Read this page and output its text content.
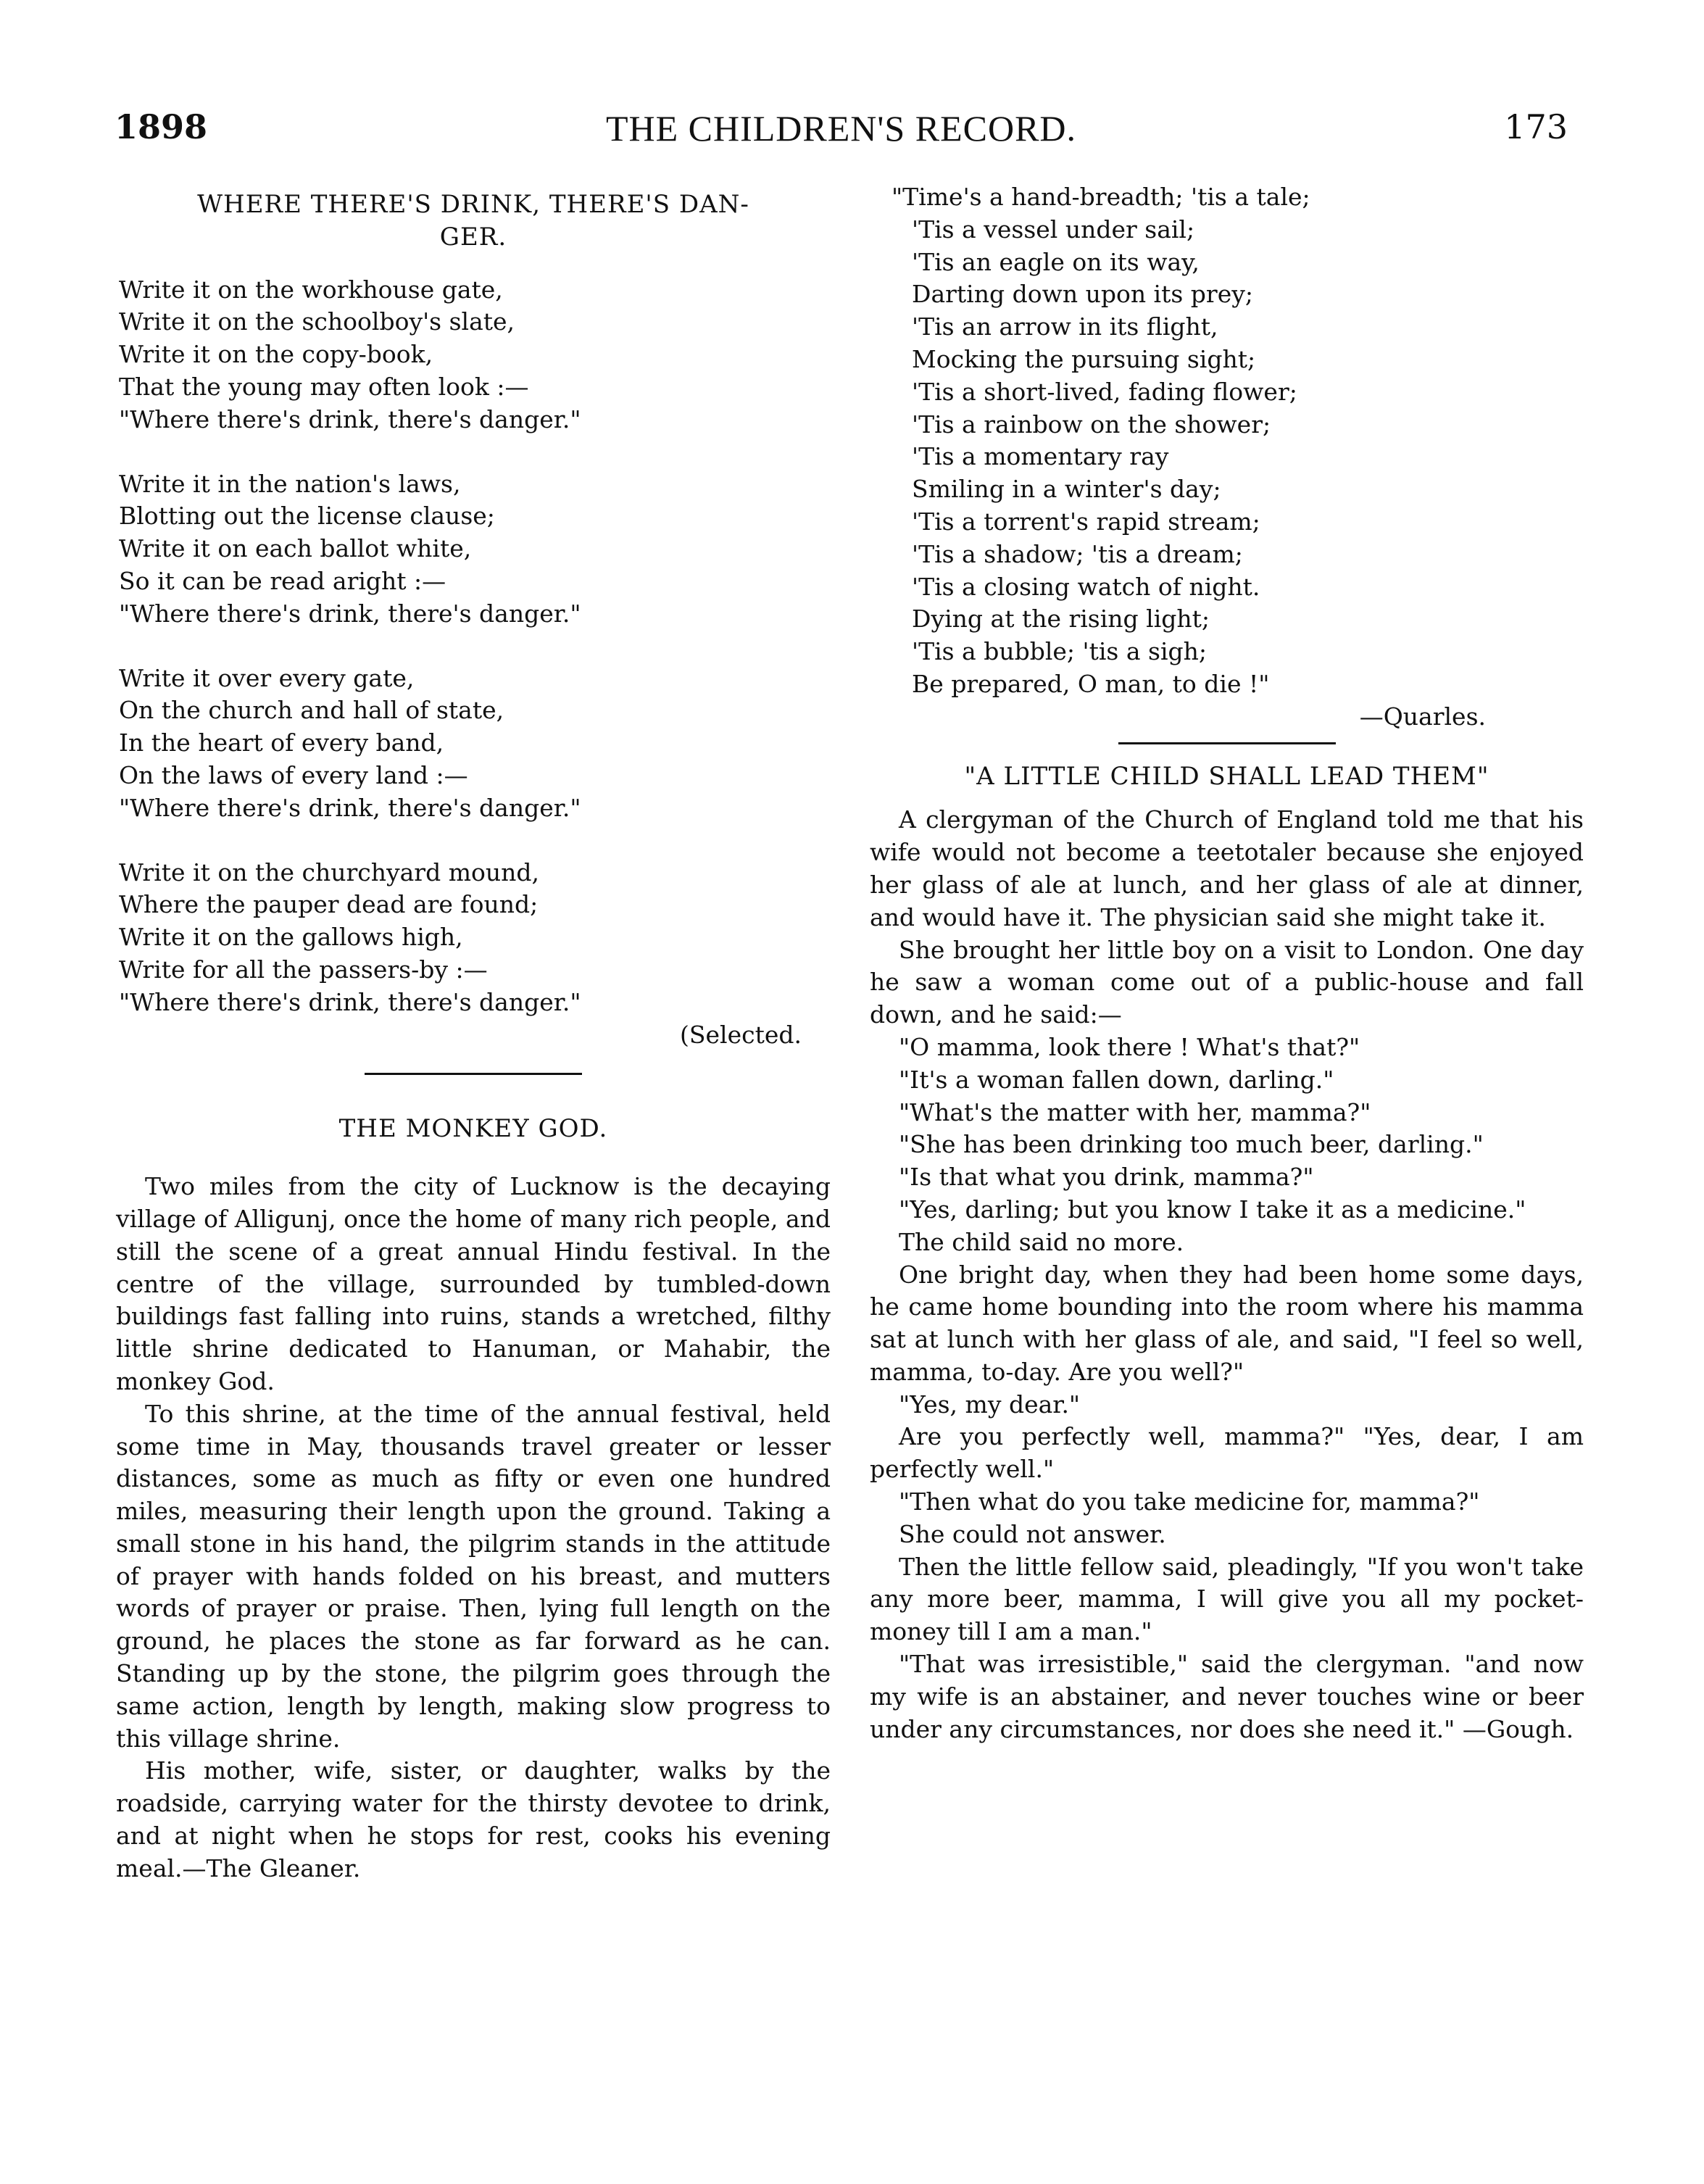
1898	THE CHILDREN'S RECORD.	173
WHERE THERE'S DRINK, THERE'S DAN-
GER.
Write it on the workhouse gate,
Write it on the schoolboy's slate,
Write it on the copy-book,
That the young may often look :—
"Where there's drink, there's danger."
Write it in the nation's laws,
Blotting out the license clause;
Write it on each ballot white,
So it can be read aright :—
"Where there's drink, there's danger."
Write it over every gate,
On the church and hall of state,
In the heart of every band,
On the laws of every land :—
"Where there's drink, there's danger."
Write it on the churchyard mound,
Where the pauper dead are found;
Write it on the gallows high,
Write for all the passers-by :—
"Where there's drink, there's danger."
(Selected.
THE MONKEY GOD.

Two miles from the city of Lucknow is the decaying village of Alligunj, once the home of many rich people, and still the scene of a great annual Hindu festival. In the centre of the village, surrounded by tumbled-down buildings fast falling into ruins, stands a wretched, filthy little shrine dedicated to Hanuman, or Mahabir, the monkey God.

To this shrine, at the time of the annual festival, held some time in May, thousands travel greater or lesser distances, some as much as fifty or even one hundred miles, measuring their length upon the ground. Taking a small stone in his hand, the pilgrim stands in the attitude of prayer with hands folded on his breast, and mutters words of prayer or praise. Then, lying full length on the ground, he places the stone as far forward as he can. Standing up by the stone, the pilgrim goes through the same action, length by length, making slow progress to this village shrine.

His mother, wife, sister, or daughter, walks by the roadside, carrying water for the thirsty devotee to drink, and at night when he stops for rest, cooks his evening meal.—The Gleaner.

"Time's a hand-breadth; 'tis a tale;
'Tis a vessel under sail;
'Tis an eagle on its way,
Darting down upon its prey;
'Tis an arrow in its flight,
Mocking the pursuing sight;
'Tis a short-lived, fading flower;
'Tis a rainbow on the shower;
'Tis a momentary ray
Smiling in a winter's day;
'Tis a torrent's rapid stream;
'Tis a shadow; 'tis a dream;
'Tis a closing watch of night.
Dying at the rising light;
'Tis a bubble; 'tis a sigh;
Be prepared, O man, to die !"
—Quarles.
"A LITTLE CHILD SHALL LEAD THEM"

A clergyman of the Church of England told me that his wife would not become a teetotaler because she enjoyed her glass of ale at lunch, and her glass of ale at dinner, and would have it. The physician said she might take it.

She brought her little boy on a visit to London. One day he saw a woman come out of a public-house and fall down, and he said:—

"O mamma, look there ! What's that?"

"It's a woman fallen down, darling."

"What's the matter with her, mamma?"

"She has been drinking too much beer, darling."

"Is that what you drink, mamma?"

"Yes, darling; but you know I take it as a medicine."

The child said no more.

One bright day, when they had been home some days, he came home bounding into the room where his mamma sat at lunch with her glass of ale, and said, "I feel so well, mamma, to-day. Are you well?"

"Yes, my dear."

Are you perfectly well, mamma?" "Yes, dear, I am perfectly well."

"Then what do you take medicine for, mamma?"

She could not answer.

Then the little fellow said, pleadingly, "If you won't take any more beer, mamma, I will give you all my pocket-money till I am a man."

"That was irresistible," said the clergyman. "and now my wife is an abstainer, and never touches wine or beer under any circumstances, nor does she need it." —Gough.
